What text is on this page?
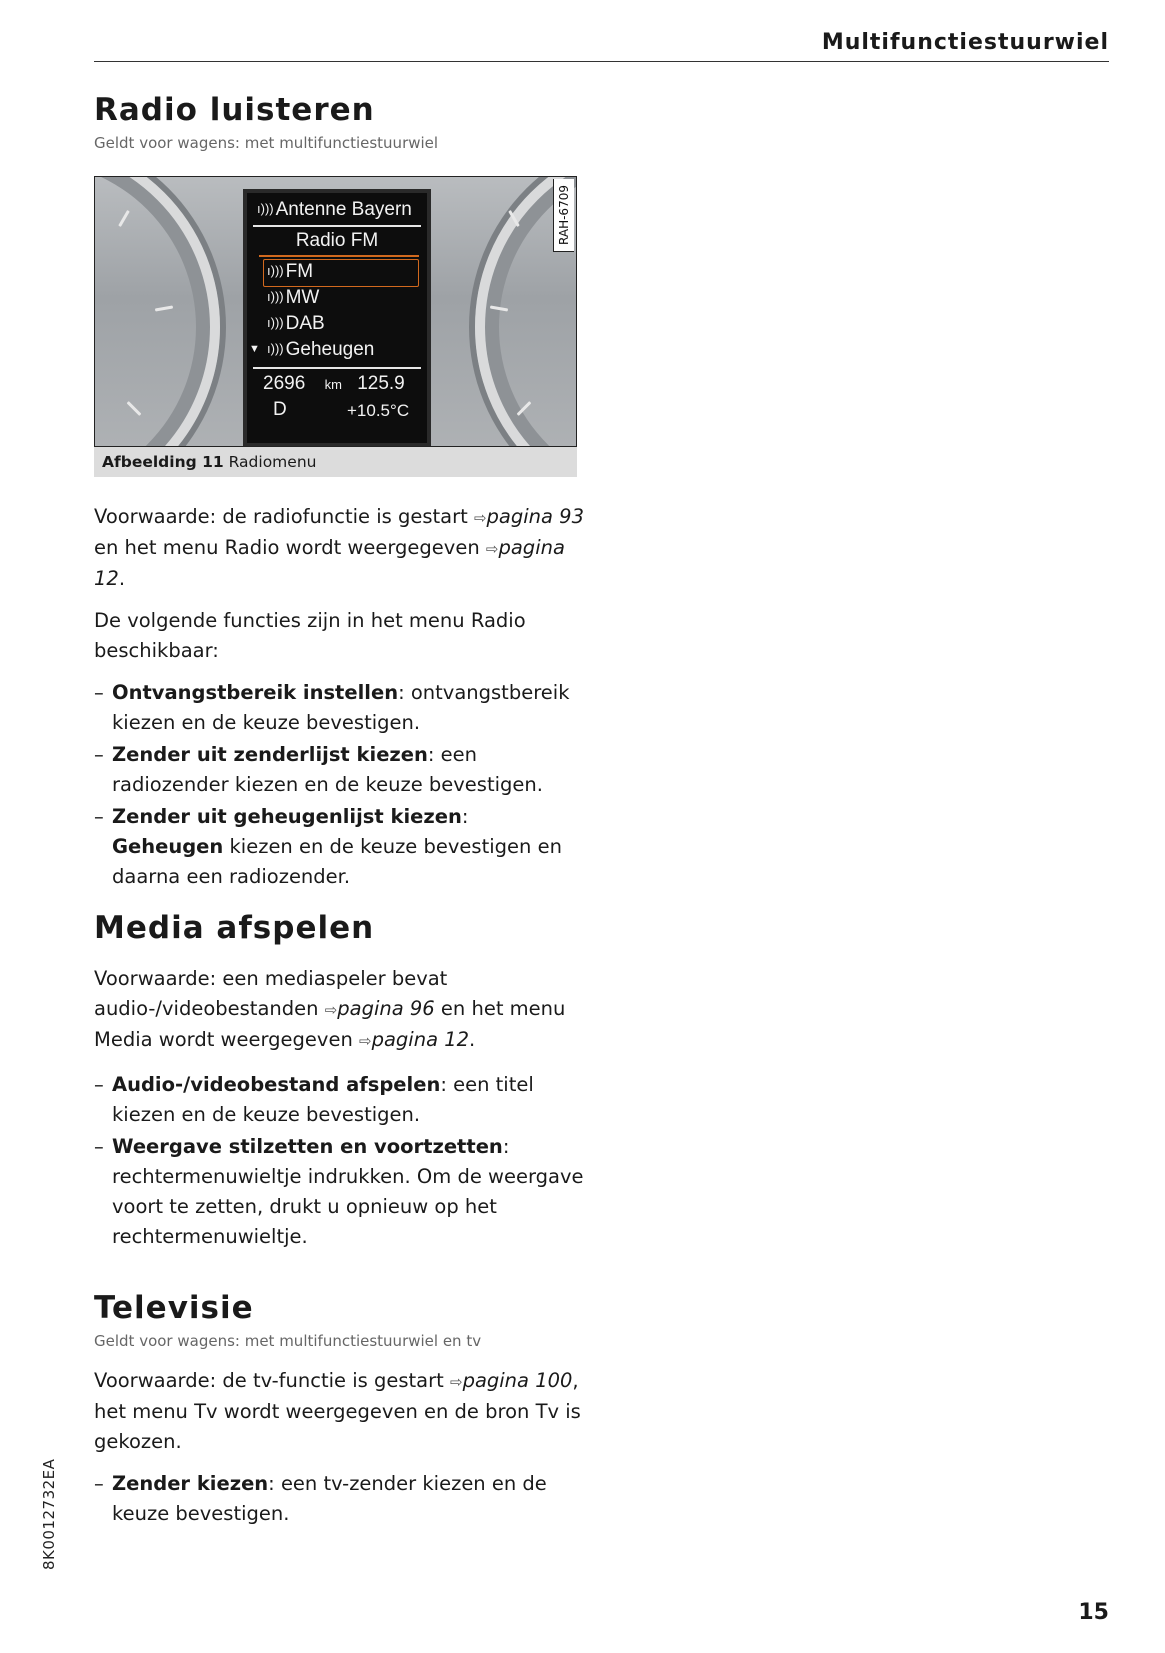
Multifunctiestuurwiel
Radio luisteren
Geldt voor wagens: met multifunctiestuurwiel
ı))) Antenne Bayern
Radio FM
ı))) FM
ı))) MW
ı))) DAB
ı))) Geheugen
▼
2696 km 125.9
D	+10.5°C
RAH-6709
Afbeelding 11 Radiomenu

Voorwaarde: de radiofunctie is gestart ⇨pagina 93 en het menu Radio wordt weergegeven ⇨pagina 12.

De volgende functies zijn in het menu Radio beschikbaar:

– Ontvangstbereik instellen: ontvangstbereik kiezen en de keuze bevestigen.
– Zender uit zenderlijst kiezen: een radiozender kiezen en de keuze bevestigen.
– Zender uit geheugenlijst kiezen: Geheugen kiezen en de keuze bevestigen en daarna een radiozender.
Media afspelen

Voorwaarde: een mediaspeler bevat audio-/videobestanden ⇨pagina 96 en het menu Media wordt weergegeven ⇨pagina 12.

– Audio-/videobestand afspelen: een titel kiezen en de keuze bevestigen.
– Weergave stilzetten en voortzetten: rechtermenuwieltje indrukken. Om de weergave voort te zetten, drukt u opnieuw op het rechtermenuwieltje.
Televisie
Geldt voor wagens: met multifunctiestuurwiel en tv

Voorwaarde: de tv-functie is gestart ⇨pagina 100, het menu Tv wordt weergegeven en de bron Tv is gekozen.

– Zender kiezen: een tv-zender kiezen en de keuze bevestigen.
8K0012732EA
15
